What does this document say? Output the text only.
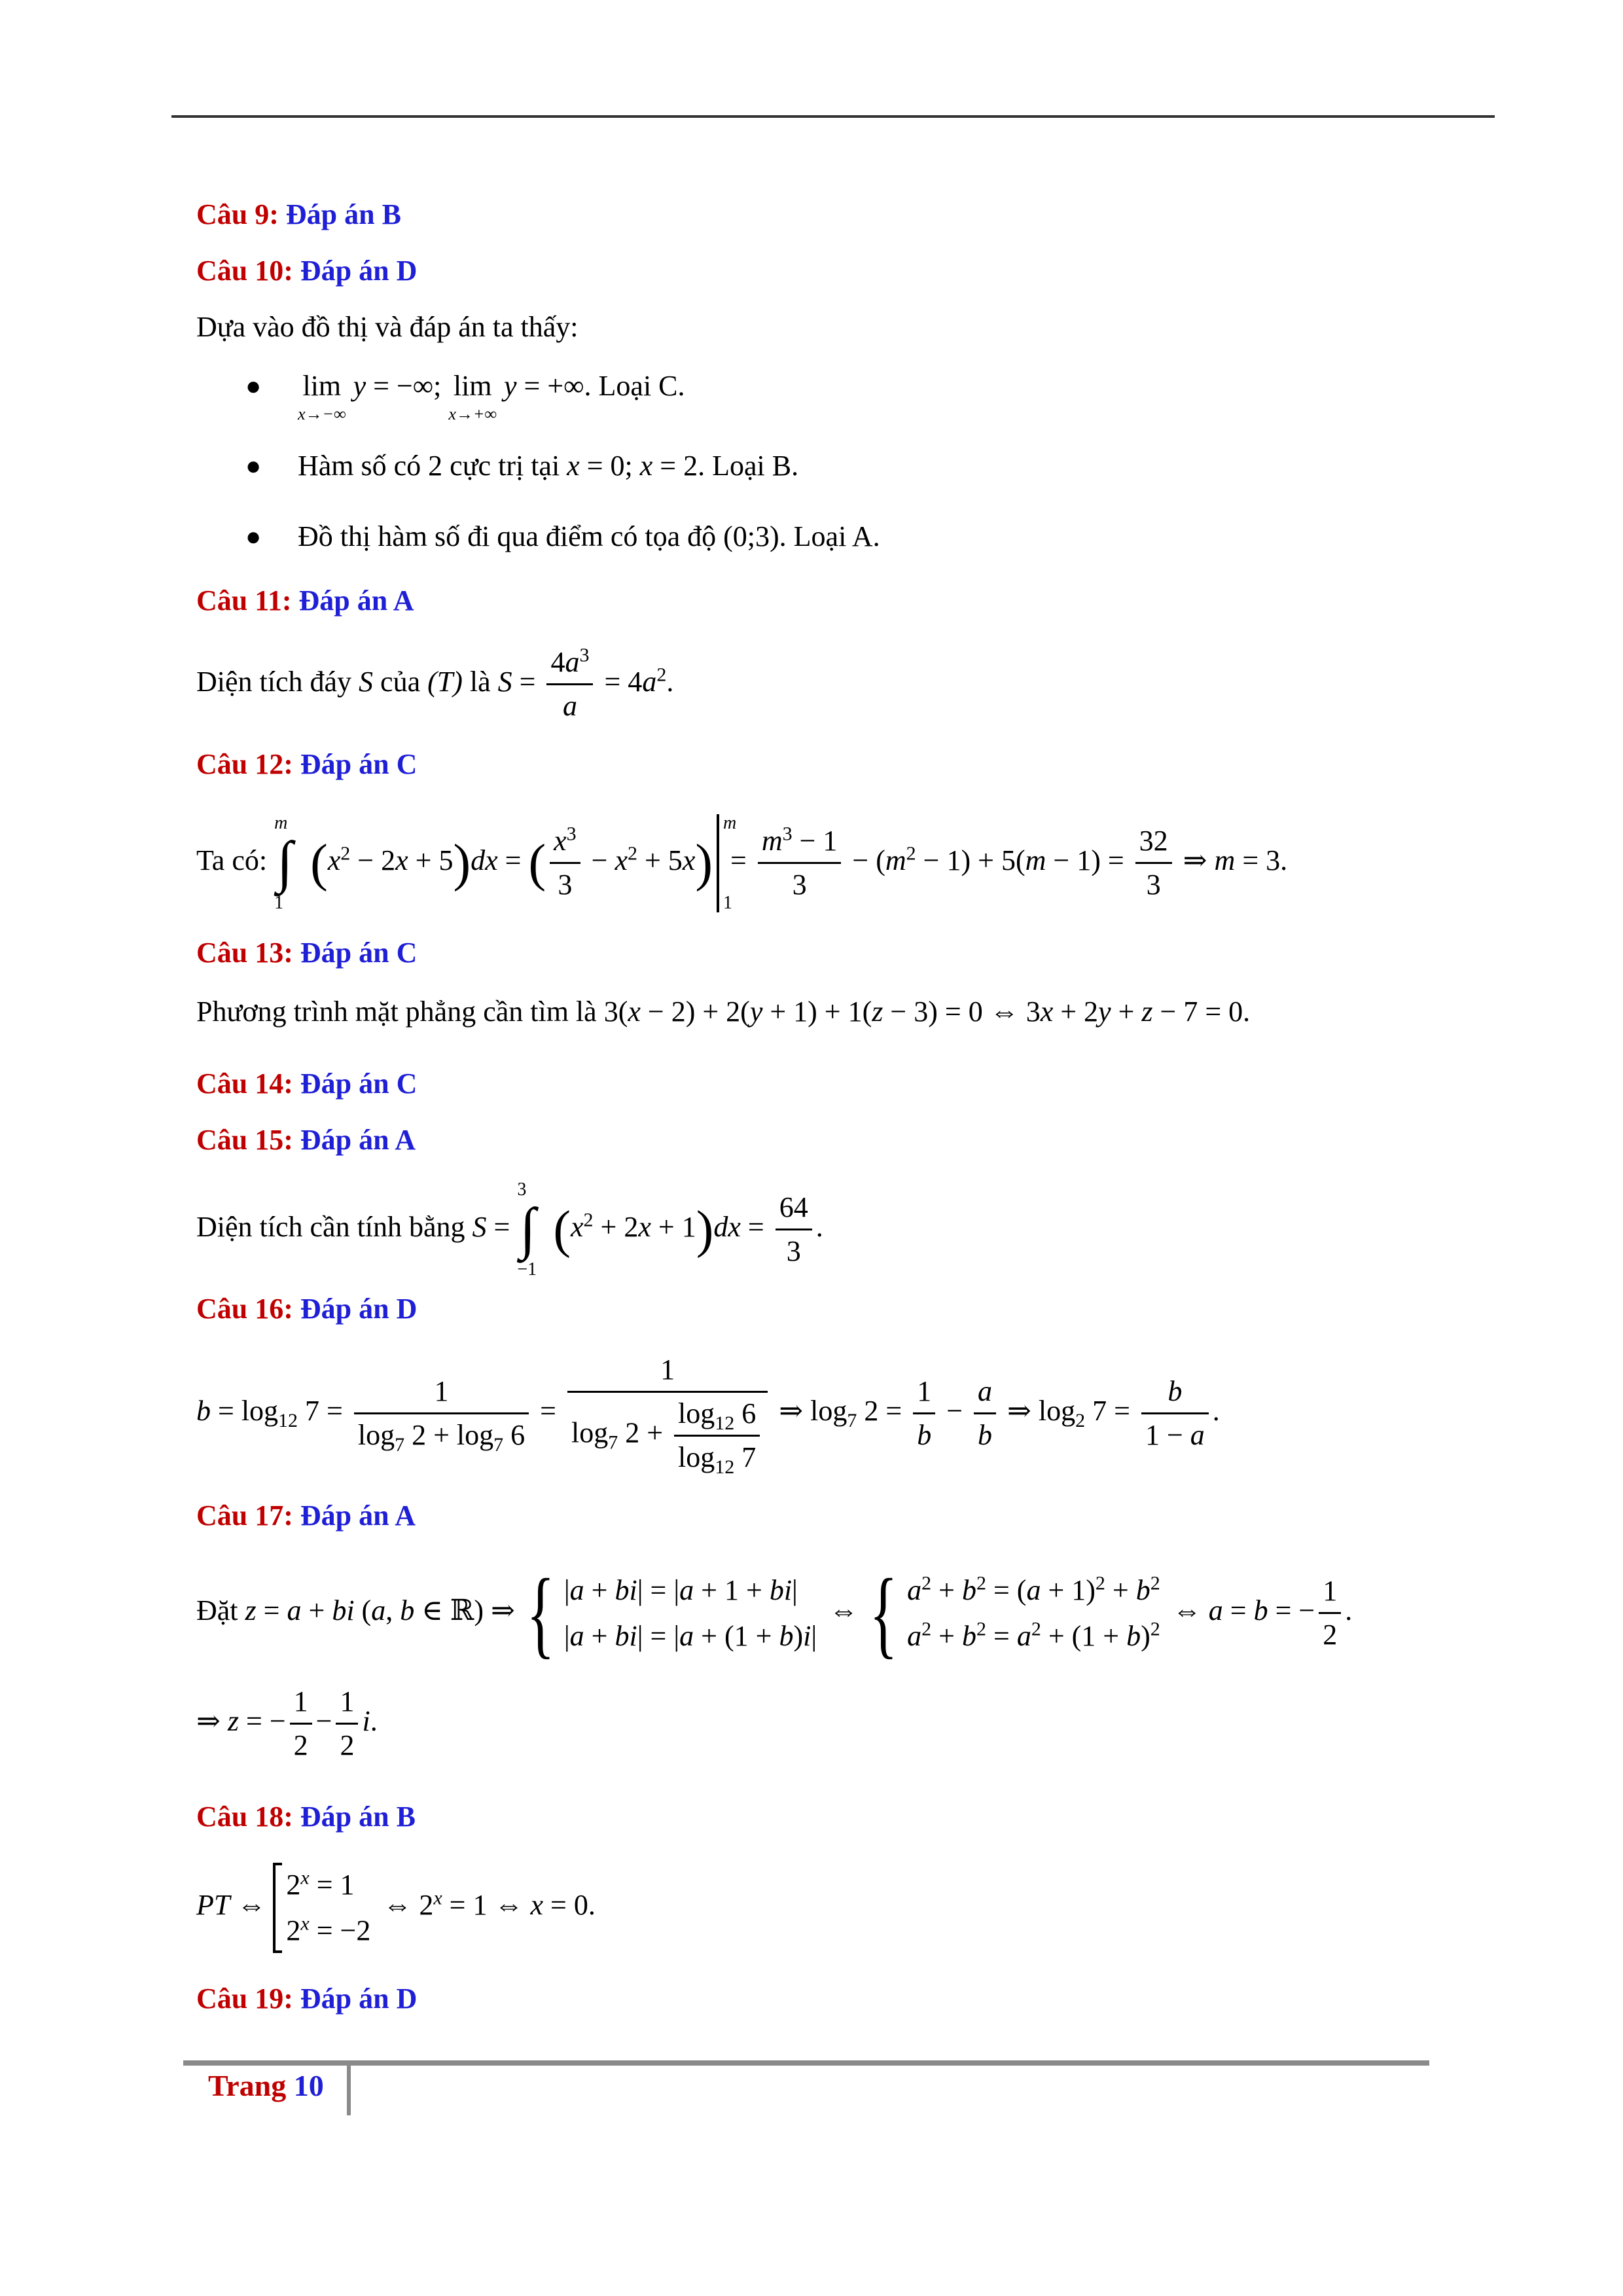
Câu 9: Đáp án B
Câu 10: Đáp án D
Dựa vào đồ thị và đáp án ta thấy:
● lim
x→−∞
y = −∞; lim
x→+∞
y = +∞. Loại C.
● Hàm số có 2 cực trị tại x = 0; x = 2. Loại B.
● Đồ thị hàm số đi qua điểm có tọa độ (0;3). Loại A.
Câu 11: Đáp án A
Diện tích đáy S của (T) là $S = \frac{4a^3}{a} = 4a^2$.
Câu 12: Đáp án C
Ta có:
m
∫
1
$(x^2 - 2x + 5)dx$ = ( $\frac{x^3}{3} - x^2 + 5x$)
m
1
= $\frac{m^3 - 1}{3} - (m^2 - 1) + 5(m - 1) = \frac{32}{3}$ ⇒ m = 3.
Câu 13: Đáp án C
Phương trình mặt phẳng cần tìm là 3(x − 2) + 2(y + 1) + 1(z − 3) = 0 ⇔ 3x + 2y + z − 7 = 0.
Câu 14: Đáp án C
Câu 15: Đáp án A
Diện tích cần tính bằng S =
3
∫
−1
$(x^2 + 2x + 1)dx = \frac{64}{3}$ .
Câu 16: Đáp án D
$b = \log_{12} 7 = \frac{1}{\log_7 2 + \log_7 6} = \frac{1}{\log_7 2 + \frac{\log_{12} 6}{\log_{12} 7}}$ ⇒ $\log_7 2 = \frac{1}{b} - \frac{a}{b}$ ⇒ $\log_2 7 = \frac{b}{1 - a}$ .
Câu 17: Đáp án A
Đặt z = a + bi (a, b ∈ ℝ) ⇒ { |a + bi| = |a + 1 + bi|
|a + bi| = |a + (1 + b)i|
⇔ { $a^2 + b^2 = (a + 1)^2 + b^2$
$a^2 + b^2 = a^2 + (1 + b)^2$
⇔ a = b = − $\frac{1}{2}$ .
⇒ z = − $\frac{1}{2} - \frac{1}{2} i$.
Câu 18: Đáp án B
PT ⇔
$2^x = 1$
$2^x = -2$
⇔ $2^x = 1$ ⇔ x = 0.
Câu 19: Đáp án D
Trang 10
